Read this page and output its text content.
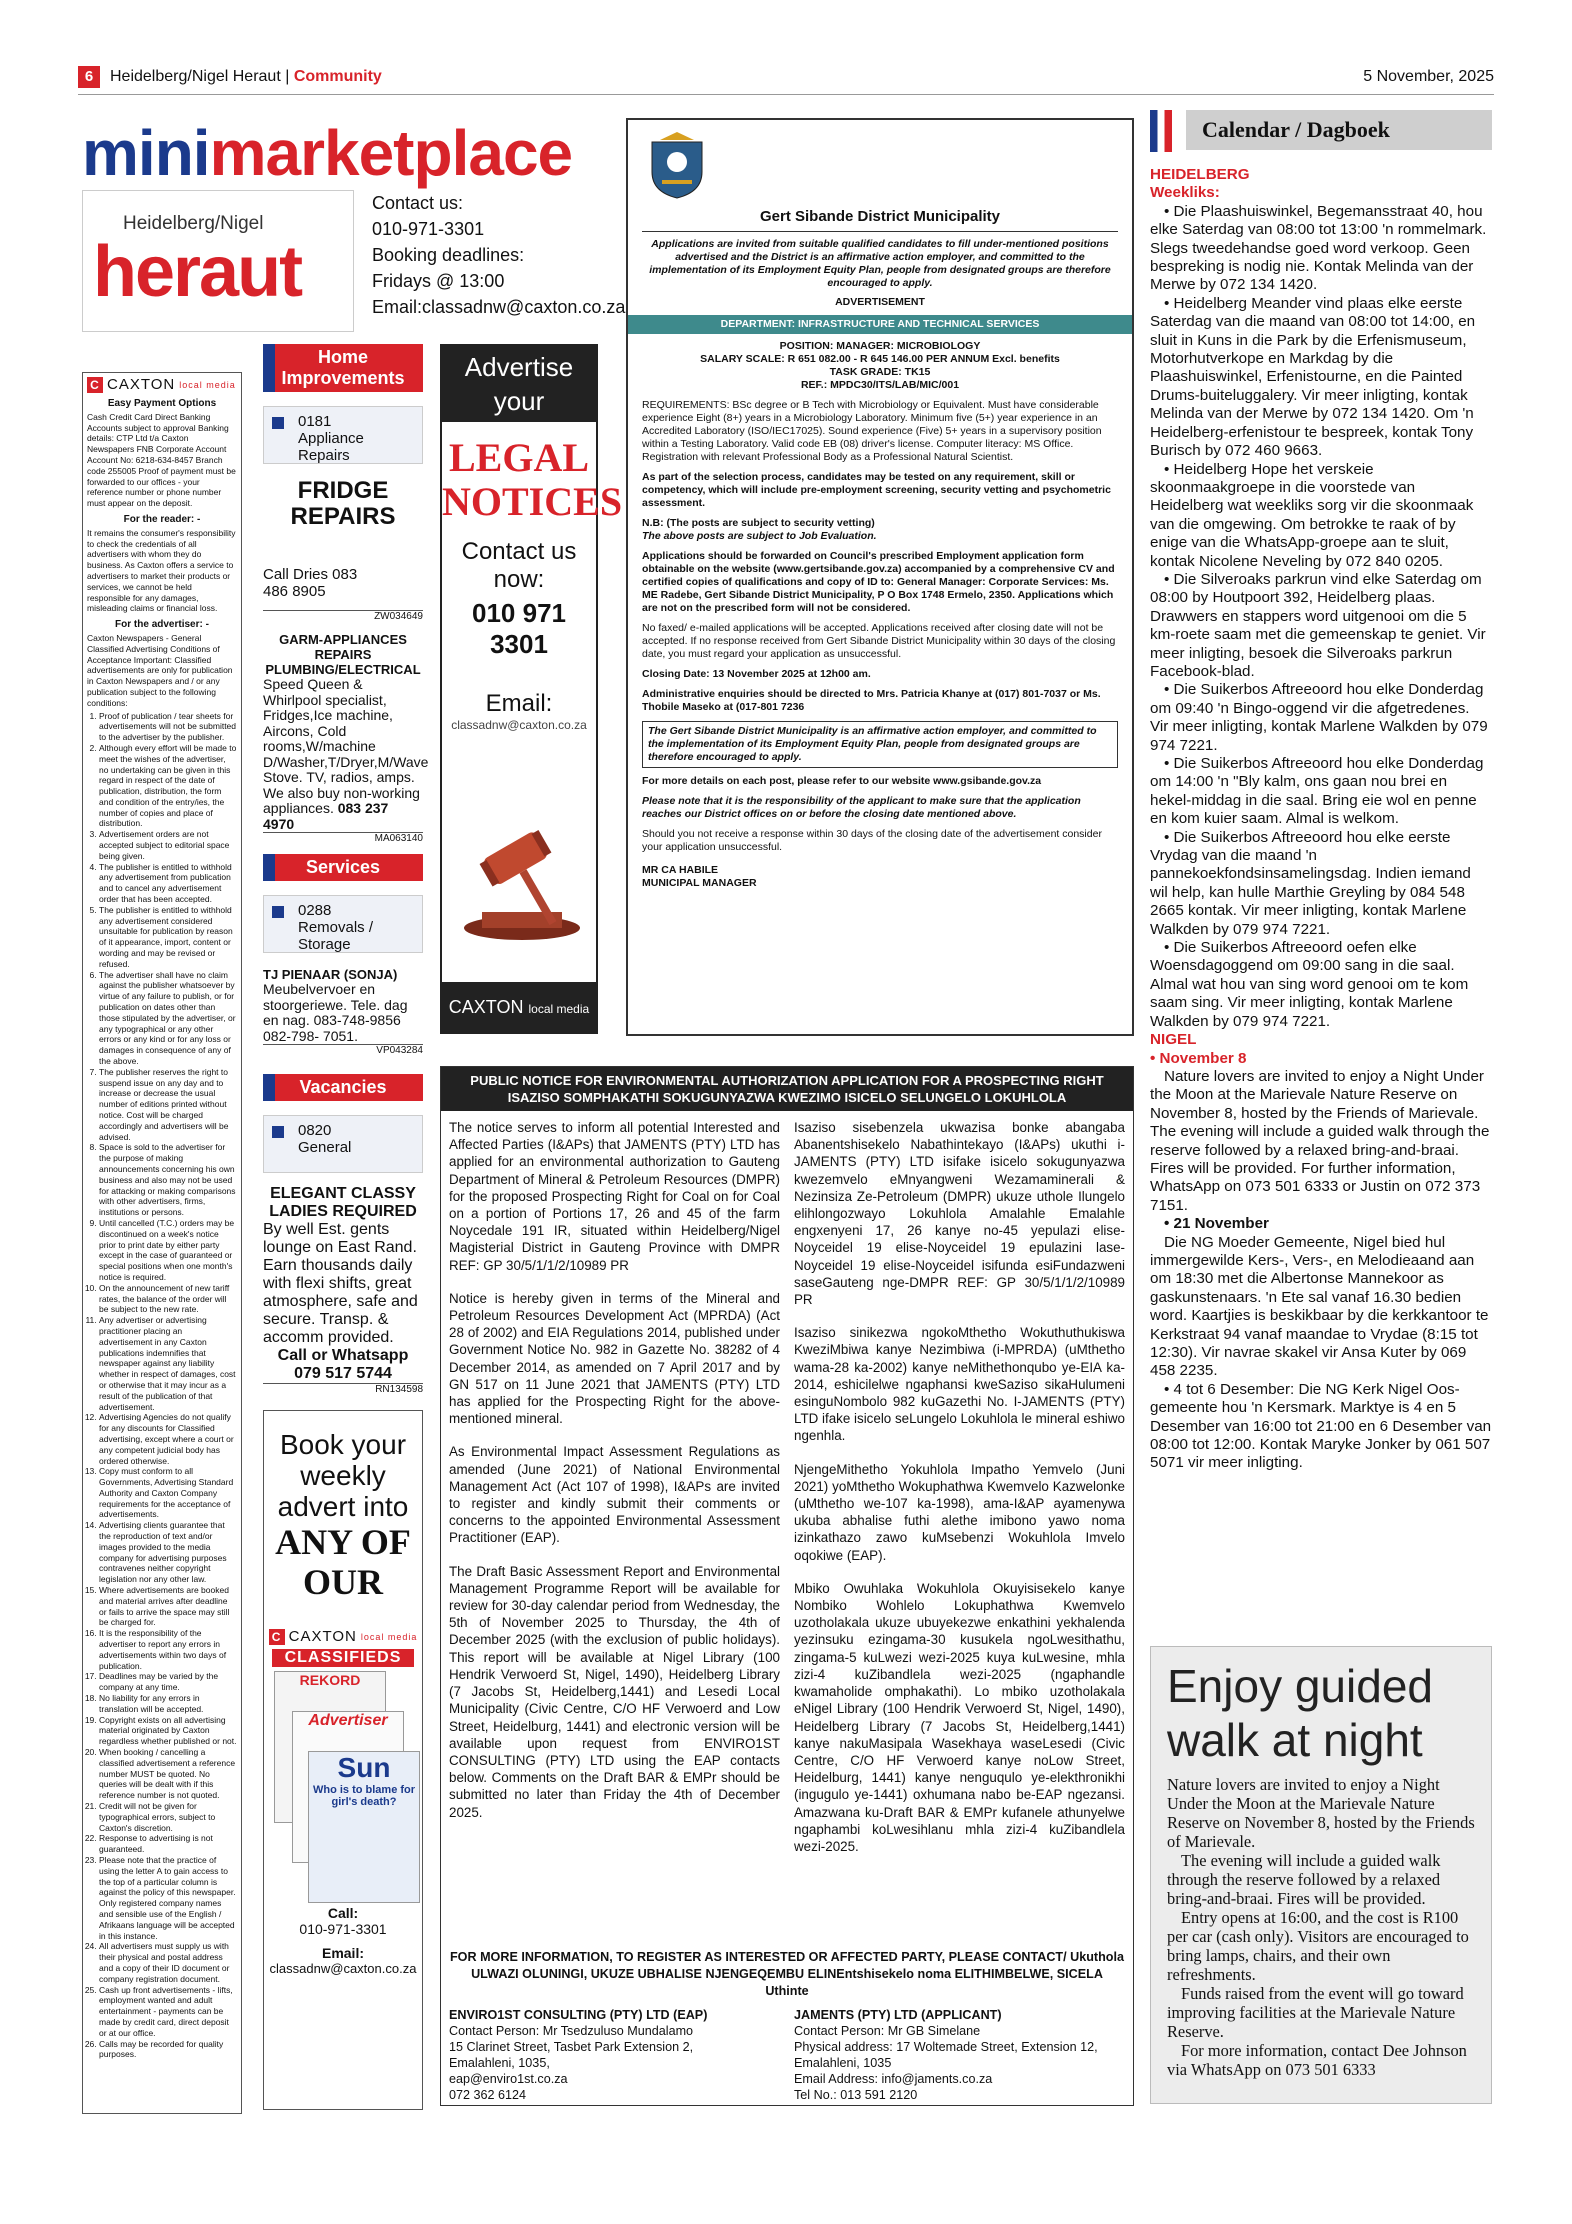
6	Heidelberg/Nigel Heraut | Community	5 November, 2025
minimarketplace
Heidelberg/Nigel
heraut
Contact us:
010-971-3301
Booking deadlines:
Fridays @ 13:00
Email:classadnw@caxton.co.za
C CAXTON local media
Easy Payment Options

Cash Credit Card Direct Banking Accounts subject to approval Banking details: CTP Ltd t/a Caxton Newspapers FNB Corporate Account Account No: 6218-634-8457 Branch code 255005 Proof of payment must be forwarded to our offices - your reference number or phone number must appear on the deposit.

For the reader: -

It remains the consumer's responsibility to check the credentials of all advertisers with whom they do business. As Caxton offers a service to advertisers to market their products or services, we cannot be held responsible for any damages, misleading claims or financial loss.

For the advertiser: -

Caxton Newspapers - General Classified Advertising Conditions of Acceptance Important: Classified advertisements are only for publication in Caxton Newspapers and / or any publication subject to the following conditions:

1. Proof of publication / tear sheets for advertisements will not be submitted to the advertiser by the publisher.
2. Although every effort will be made to meet the wishes of the advertiser, no undertaking can be given in this regard in respect of the date of publication, distribution, the form and condition of the entry/ies, the number of copies and place of distribution.
3. Advertisement orders are not accepted subject to editorial space being given.
4. The publisher is entitled to withhold any advertisement from publication and to cancel any advertisement order that has been accepted.
5. The publisher is entitled to withhold any advertisement considered unsuitable for publication by reason of it appearance, import, content or wording and may be revised or refused.
6. The advertiser shall have no claim against the publisher whatsoever by virtue of any failure to publish, or for publication on dates other than those stipulated by the advertiser, or any typographical or any other errors or any kind or for any loss or damages in consequence of any of the above.
7. The publisher reserves the right to suspend issue on any day and to increase or decrease the usual number of editions printed without notice. Cost will be charged accordingly and advertisers will be advised.
8. Space is sold to the advertiser for the purpose of making announcements concerning his own business and also may not be used for attacking or making comparisons with other advertisers, firms, institutions or persons.
9. Until cancelled (T.C.) orders may be discontinued on a week's notice prior to print date by either party except in the case of guaranteed or special positions when one month's notice is required.
10. On the announcement of new tariff rates, the balance of the order will be subject to the new rate.
11. Any advertiser or advertising practitioner placing an advertisement in any Caxton publications indemnifies that newspaper against any liability whether in respect of damages, cost or otherwise that it may incur as a result of the publication of that advertisement.
12. Advertising Agencies do not qualify for any discounts for Classified advertising, except where a court or any competent judicial body has ordered otherwise.
13. Copy must conform to all Governments, Advertising Standard Authority and Caxton Company requirements for the acceptance of advertisements.
14. Advertising clients guarantee that the reproduction of text and/or images provided to the media company for advertising purposes contravenes neither copyright legislation nor any other law.
15. Where advertisements are booked and material arrives after deadline or fails to arrive the space may still be charged for.
16. It is the responsibility of the advertiser to report any errors in advertisements within two days of publication.
17. Deadlines may be varied by the company at any time.
18. No liability for any errors in translation will be accepted.
19. Copyright exists on all advertising material originated by Caxton regardless whether published or not.
20. When booking / cancelling a classified advertisement a reference number MUST be quoted. No queries will be dealt with if this reference number is not quoted.
21. Credit will not be given for typographical errors, subject to Caxton's discretion.
22. Response to advertising is not guaranteed.
23. Please note that the practice of using the letter A to gain access to the top of a particular column is against the policy of this newspaper. Only registered company names and sensible use of the English / Afrikaans language will be accepted in this instance.
24. All advertisers must supply us with their physical and postal address and a copy of their ID document or company registration document.
25. Cash up front advertisements - lifts, employment wanted and adult entertainment - payments can be made by credit card, direct deposit or at our office.
26. Calls may be recorded for quality purposes.
Home Improvements
0181
Appliance Repairs
FRIDGE REPAIRS
Call Dries 083 486 8905
ZW034649
GARM-APPLIANCES REPAIRS PLUMBING/ELECTRICAL
Speed Queen & Whirlpool specialist, Fridges,Ice machine, Aircons, Cold rooms,W/machine D/Washer,T/Dryer,M/Wave Stove. TV, radios, amps. We also buy non-working appliances. 083 237 4970
MA063140
Services
0288
Removals / Storage
TJ PIENAAR (SONJA)
Meubelvervoer en stoorgeriewe. Tele. dag en nag. 083-748-9856 082-798- 7051.
VP043284
Vacancies
0820
General
ELEGANT CLASSY LADIES REQUIRED
By well Est. gents lounge on East Rand. Earn thousands daily with flexi shifts, great atmosphere, safe and secure. Transp. & accomm provided.
Call or Whatsapp
079 517 5744
RN134598
Advertise your
LEGAL
NOTICES
Contact us now:
010 971 3301
Email:
classadnw@caxton.co.za
CAXTON local media
Book your weekly advert into
ANY OF OUR
C CAXTON local media
CLASSIFIEDS
REKORD
Advertiser
Sun
Who is to blame for girl's death?
Call:
010-971-3301
Email:
classadnw@caxton.co.za
Gert Sibande District Municipality
Applications are invited from suitable qualified candidates to fill under-mentioned positions advertised and the District is an affirmative action employer, and committed to the implementation of its Employment Equity Plan, people from designated groups are therefore encouraged to apply.
ADVERTISEMENT
DEPARTMENT: INFRASTRUCTURE AND TECHNICAL SERVICES
POSITION: MANAGER: MICROBIOLOGY
SALARY SCALE: R 651 082.00 - R 645 146.00 PER ANNUM Excl. benefits
TASK GRADE: TK15
REF.: MPDC30/ITS/LAB/MIC/001

REQUIREMENTS: BSc degree or B Tech with Microbiology or Equivalent. Must have considerable experience Eight (8+) years in a Microbiology Laboratory. Minimum five (5+) year experience in an Accredited Laboratory (ISO/IEC17025). Sound experience (Five) 5+ years in a supervisory position within a Testing Laboratory. Valid code EB (08) driver's license. Computer literacy: MS Office. Registration with relevant Professional Body as a Professional Natural Scientist.

As part of the selection process, candidates may be tested on any requirement, skill or competency, which will include pre-employment screening, security vetting and psychometric assessment.

N.B: (The posts are subject to security vetting)

The above posts are subject to Job Evaluation.

Applications should be forwarded on Council's prescribed Employment application form obtainable on the website (www.gertsibande.gov.za) accompanied by a comprehensive CV and certified copies of qualifications and copy of ID to: General Manager: Corporate Services: Ms. ME Radebe, Gert Sibande District Municipality, P O Box 1748 Ermelo, 2350. Applications which are not on the prescribed form will not be considered.

No faxed/ e-mailed applications will be accepted. Applications received after closing date will not be accepted. If no response received from Gert Sibande District Municipality within 30 days of the closing date, you must regard your application as unsuccessful.

Closing Date: 13 November 2025 at 12h00 am.

Administrative enquiries should be directed to Mrs. Patricia Khanye at (017) 801-7037 or Ms. Thobile Maseko at (017-801 7236

The Gert Sibande District Municipality is an affirmative action employer, and committed to the implementation of its Employment Equity Plan, people from designated groups are therefore encouraged to apply.

For more details on each post, please refer to our website www.gsibande.gov.za

Please note that it is the responsibility of the applicant to make sure that the application reaches our District offices on or before the closing date mentioned above.

Should you not receive a response within 30 days of the closing date of the advertisement consider your application unsuccessful.

MR CA HABILE
MUNICIPAL MANAGER
PUBLIC NOTICE FOR ENVIRONMENTAL AUTHORIZATION APPLICATION FOR A PROSPECTING RIGHT ISAZISO SOMPHAKATHI SOKUGUNYAZWA KWEZIMO ISICELO SELUNGELO LOKUHLOLA

The notice serves to inform all potential Interested and Affected Parties (I&APs) that JAMENTS (PTY) LTD has applied for an environmental authorization to Gauteng Department of Mineral & Petroleum Resources (DMPR) for the proposed Prospecting Right for Coal on for Coal on a portion of Portions 17, 26 and 45 of the farm Noycedale 191 IR, situated within Heidelberg/Nigel Magisterial District in Gauteng Province with DMPR REF: GP 30/5/1/1/2/10989 PR

Notice is hereby given in terms of the Mineral and Petroleum Resources Development Act (MPRDA) (Act 28 of 2002) and EIA Regulations 2014, published under Government Notice No. 982 in Gazette No. 38282 of 4 December 2014, as amended on 7 April 2017 and by GN 517 on 11 June 2021 that JAMENTS (PTY) LTD has applied for the Prospecting Right for the above-mentioned mineral.

As Environmental Impact Assessment Regulations as amended (June 2021) of National Environmental Management Act (Act 107 of 1998), I&APs are invited to register and kindly submit their comments or concerns to the appointed Environmental Assessment Practitioner (EAP).

The Draft Basic Assessment Report and Environmental Management Programme Report will be available for review for 30-day calendar period from Wednesday, the 5th of November 2025 to Thursday, the 4th of December 2025 (with the exclusion of public holidays). This report will be available at Nigel Library (100 Hendrik Verwoerd St, Nigel, 1490), Heidelberg Library (7 Jacobs St, Heidelberg,1441) and Lesedi Local Municipality (Civic Centre, C/O HF Verwoerd and Low Street, Heidelburg, 1441) and electronic version will be available upon request from ENVIRO1ST CONSULTING (PTY) LTD using the EAP contacts below. Comments on the Draft BAR & EMPr should be submitted no later than Friday the 4th of December 2025.

Isaziso sisebenzela ukwazisa bonke abangaba Abanentshisekelo Nabathintekayo (I&APs) ukuthi i-JAMENTS (PTY) LTD isifake isicelo sokugunyazwa kwezemvelo eMnyangweni Wezamaminerali & Nezinsiza Ze-Petroleum (DMPR) ukuze uthole Ilungelo elihlongozwayo Lokuhlola Amalahle Emalahle engxenyeni 17, 26 kanye no-45 yepulazi elise-Noyceidel 19 elise-Noyceidel 19 epulazini lase-Noyceidel 19 elise-Noyceidel isifunda esiFundazweni saseGauteng nge-DMPR REF: GP 30/5/1/1/2/10989 PR

Isaziso sinikezwa ngokoMthetho Wokuthuthukiswa KweziMbiwa kanye Nezimbiwa (i-MPRDA) (uMthetho wama-28 ka-2002) kanye neMithethonqubo ye-EIA ka-2014, eshicilelwe ngaphansi kweSaziso sikaHulumeni esinguNombolo 982 kuGazethi No. I-JAMENTS (PTY) LTD ifake isicelo seLungelo Lokuhlola le mineral eshiwo ngenhla.

NjengeMithetho Yokuhlola Impatho Yemvelo (Juni 2021) yoMthetho Wokuphathwa Kwemvelo Kazwelonke (uMthetho we-107 ka-1998), ama-I&AP ayamenywa ukuba abhalise futhi alethe imibono yawo noma izinkathazo zawo kuMsebenzi Wokuhlola Imvelo oqokiwe (EAP).

Mbiko Owuhlaka Wokuhlola Okuyisisekelo kanye Nombiko Wohlelo Lokuphathwa Kwemvelo uzotholakala ukuze ubuyekezwe enkathini yekhalenda yezinsuku ezingama-30 kusukela ngoLwesithathu, zingama-5 kuLwezi wezi-2025 kuya kuLwesine, mhla zizi-4 kuZibandlela wezi-2025 (ngaphandle kwamaholide omphakathi). Lo mbiko uzotholakala eNigel Library (100 Hendrik Verwoerd St, Nigel, 1490), Heidelberg Library (7 Jacobs St, Heidelberg,1441) kanye nakuMasipala Wasekhaya waseLesedi (Civic Centre, C/O HF Verwoerd kanye noLow Street, Heidelburg, 1441) kanye nenguqulo ye-elekthronikhi (ingugulo ye-1441) oxhumana nabo be-EAP ngezansi. Amazwana ku-Draft BAR & EMPr kufanele athunyelwe ngaphambi koLwesihlanu mhla zizi-4 kuZibandlela wezi-2025.

FOR MORE INFORMATION, TO REGISTER AS INTERESTED OR AFFECTED PARTY, PLEASE CONTACT/ Ukuthola ULWAZI OLUNINGI, UKUZE UBHALISE NJENGEQEMBU ELINEntshisekelo noma ELITHIMBELWE, SICELA Uthinte
ENVIRO1ST CONSULTING (PTY) LTD (EAP)
Contact Person: Mr Tsedzuluso Mundalamo
15 Clarinet Street, Tasbet Park Extension 2,
Emalahleni, 1035,
eap@enviro1st.co.za
072 362 6124
JAMENTS (PTY) LTD (APPLICANT)
Contact Person: Mr GB Simelane
Physical address: 17 Woltemade Street, Extension 12, Emalahleni, 1035
Email Address: info@jaments.co.za
Tel No.: 013 591 2120
Calendar / Dagboek
HEIDELBERG
Weekliks:

• Die Plaashuiswinkel, Begemansstraat 40, hou elke Saterdag van 08:00 tot 13:00 'n rommelmark. Slegs tweedehandse goed word verkoop. Geen bespreking is nodig nie. Kontak Melinda van der Merwe by 072 134 1420.

• Heidelberg Meander vind plaas elke eerste Saterdag van die maand van 08:00 tot 14:00, en sluit in Kuns in die Park by die Erfenismuseum, Motorhutverkope en Markdag by die Plaashuiswinkel, Erfenistourne, en die Painted Drums-buiteluggalery. Vir meer inligting, kontak Melinda van der Merwe by 072 134 1420. Om 'n Heidelberg-erfenistour te bespreek, kontak Tony Burisch by 072 460 9663.

• Heidelberg Hope het verskeie skoonmaakgroepe in die voorstede van Heidelberg wat weekliks sorg vir die skoonmaak van die omgewing. Om betrokke te raak of by enige van die WhatsApp-groepe aan te sluit, kontak Nicolene Neveling by 072 840 0205.

• Die Silveroaks parkrun vind elke Saterdag om 08:00 by Houtpoort 392, Heidelberg plaas. Drawwers en stappers word uitgenooi om die 5 km-roete saam met die gemeenskap te geniet. Vir meer inligting, besoek die Silveroaks parkrun Facebook-blad.

• Die Suikerbos Aftreeoord hou elke Donderdag om 09:40 'n Bingo-oggend vir die afgetredenes. Vir meer inligting, kontak Marlene Walkden by 079 974 7221.

• Die Suikerbos Aftreeoord hou elke Donderdag om 14:00 'n "Bly kalm, ons gaan nou brei en hekel-middag in die saal. Bring eie wol en penne en kom kuier saam. Almal is welkom.

• Die Suikerbos Aftreeoord hou elke eerste Vrydag van die maand 'n pannekoekfondsinsamelingsdag. Indien iemand wil help, kan hulle Marthie Greyling by 084 548 2665 kontak. Vir meer inligting, kontak Marlene Walkden by 079 974 7221.

• Die Suikerbos Aftreeoord oefen elke Woensdagoggend om 09:00 sang in die saal. Almal wat hou van sing word genooi om te kom saam sing. Vir meer inligting, kontak Marlene Walkden by 079 974 7221.

NIGEL
• November 8

Nature lovers are invited to enjoy a Night Under the Moon at the Marievale Nature Reserve on November 8, hosted by the Friends of Marievale. The evening will include a guided walk through the reserve followed by a relaxed bring-and-braai. Fires will be provided. For further information, WhatsApp on 073 501 6333 or Justin on 072 373 7151.

• 21 November

Die NG Moeder Gemeente, Nigel bied hul immergewilde Kers-, Vers-, en Melodieaand aan om 18:30 met die Albertonse Mannekoor as gaskunstenaars. 'n Ete sal vanaf 16.30 bedien word. Kaartjies is beskikbaar by die kerkkantoor te Kerkstraat 94 vanaf maandae to Vrydae (8:15 tot 12:30). Vir navrae skakel vir Ansa Kuter by 069 458 2235.

• 4 tot 6 Desember: Die NG Kerk Nigel Oos-gemeente hou 'n Kersmark. Marktye is 4 en 5 Desember van 16:00 tot 21:00 en 6 Desember van 08:00 tot 12:00. Kontak Maryke Jonker by 061 507 5071 vir meer inligting.

Enjoy guided walk at night

Nature lovers are invited to enjoy a Night Under the Moon at the Marievale Nature Reserve on November 8, hosted by the Friends of Marievale.

The evening will include a guided walk through the reserve followed by a relaxed bring-and-braai. Fires will be provided.

Entry opens at 16:00, and the cost is R100 per car (cash only). Visitors are encouraged to bring lamps, chairs, and their own refreshments.

Funds raised from the event will go toward improving facilities at the Marievale Nature Reserve.

For more information, contact Dee Johnson via WhatsApp on 073 501 6333
